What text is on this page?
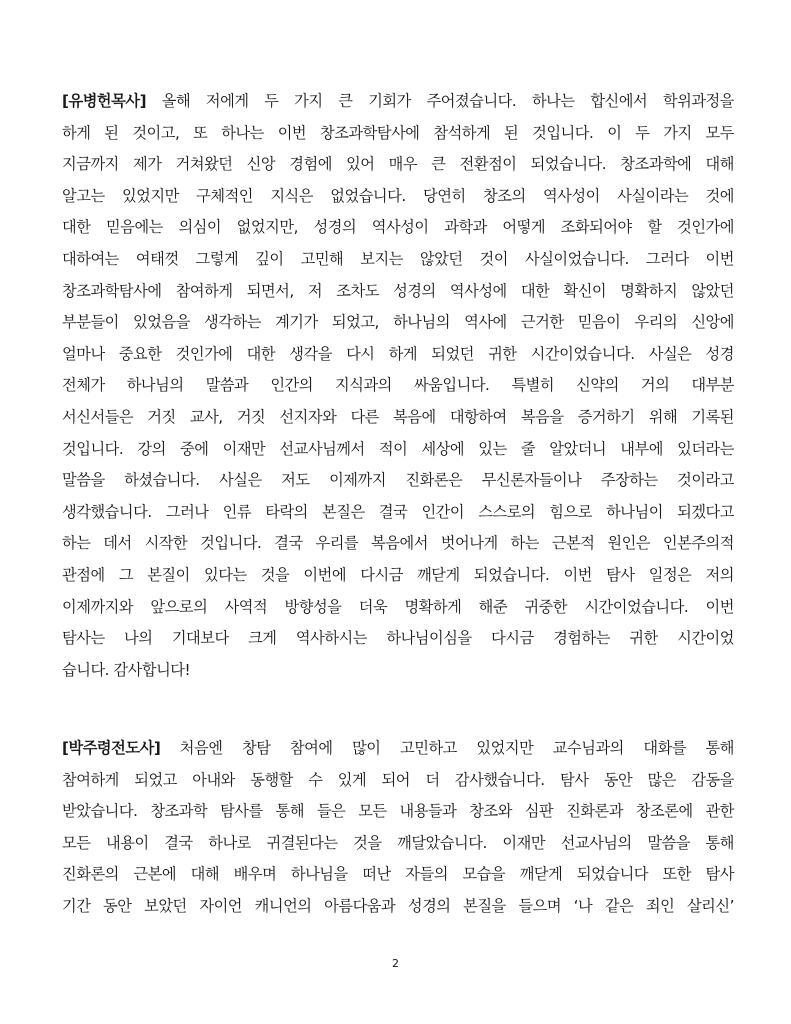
[유병헌목사] 올해 저에게 두 가지 큰 기회가 주어졌습니다. 하나는 합신에서 학위과정을
하게 된 것이고, 또 하나는 이번 창조과학탐사에 참석하게 된 것입니다. 이 두 가지 모두
지금까지 제가 거쳐왔던 신앙 경험에 있어 매우 큰 전환점이 되었습니다. 창조과학에 대해
알고는 있었지만 구체적인 지식은 없었습니다. 당연히 창조의 역사성이 사실이라는 것에
대한 믿음에는 의심이 없었지만, 성경의 역사성이 과학과 어떻게 조화되어야 할 것인가에
대하여는 여태껏 그렇게 깊이 고민해 보지는 않았던 것이 사실이었습니다. 그러다 이번
창조과학탐사에 참여하게 되면서, 저 조차도 성경의 역사성에 대한 확신이 명확하지 않았던
부분들이 있었음을 생각하는 계기가 되었고, 하나님의 역사에 근거한 믿음이 우리의 신앙에
얼마나 중요한 것인가에 대한 생각을 다시 하게 되었던 귀한 시간이었습니다. 사실은 성경
전체가 하나님의 말씀과 인간의 지식과의 싸움입니다. 특별히 신약의 거의 대부분
서신서들은 거짓 교사, 거짓 선지자와 다른 복음에 대항하여 복음을 증거하기 위해 기록된
것입니다. 강의 중에 이재만 선교사님께서 적이 세상에 있는 줄 알았더니 내부에 있더라는
말씀을 하셨습니다. 사실은 저도 이제까지 진화론은 무신론자들이나 주장하는 것이라고
생각했습니다. 그러나 인류 타락의 본질은 결국 인간이 스스로의 힘으로 하나님이 되겠다고
하는 데서 시작한 것입니다. 결국 우리를 복음에서 벗어나게 하는 근본적 원인은 인본주의적
관점에 그 본질이 있다는 것을 이번에 다시금 깨닫게 되었습니다. 이번 탐사 일정은 저의
이제까지와 앞으로의 사역적 방향성을 더욱 명확하게 해준 귀중한 시간이었습니다. 이번
탐사는 나의 기대보다 크게 역사하시는 하나님이심을 다시금 경험하는 귀한 시간이었
습니다. 감사합니다!
[박주령전도사] 처음엔 창탐 참여에 많이 고민하고 있었지만 교수님과의 대화를 통해
참여하게 되었고 아내와 동행할 수 있게 되어 더 감사했습니다. 탐사 동안 많은 감동을
받았습니다. 창조과학 탐사를 통해 들은 모든 내용들과 창조와 심판 진화론과 창조론에 관한
모든 내용이 결국 하나로 귀결된다는 것을 깨달았습니다. 이재만 선교사님의 말씀을 통해
진화론의 근본에 대해 배우며 하나님을 떠난 자들의 모습을 깨닫게 되었습니다 또한 탐사
기간 동안 보았던 자이언 캐니언의 아름다움과 성경의 본질을 들으며 ‘나 같은 죄인 살리신’
2
